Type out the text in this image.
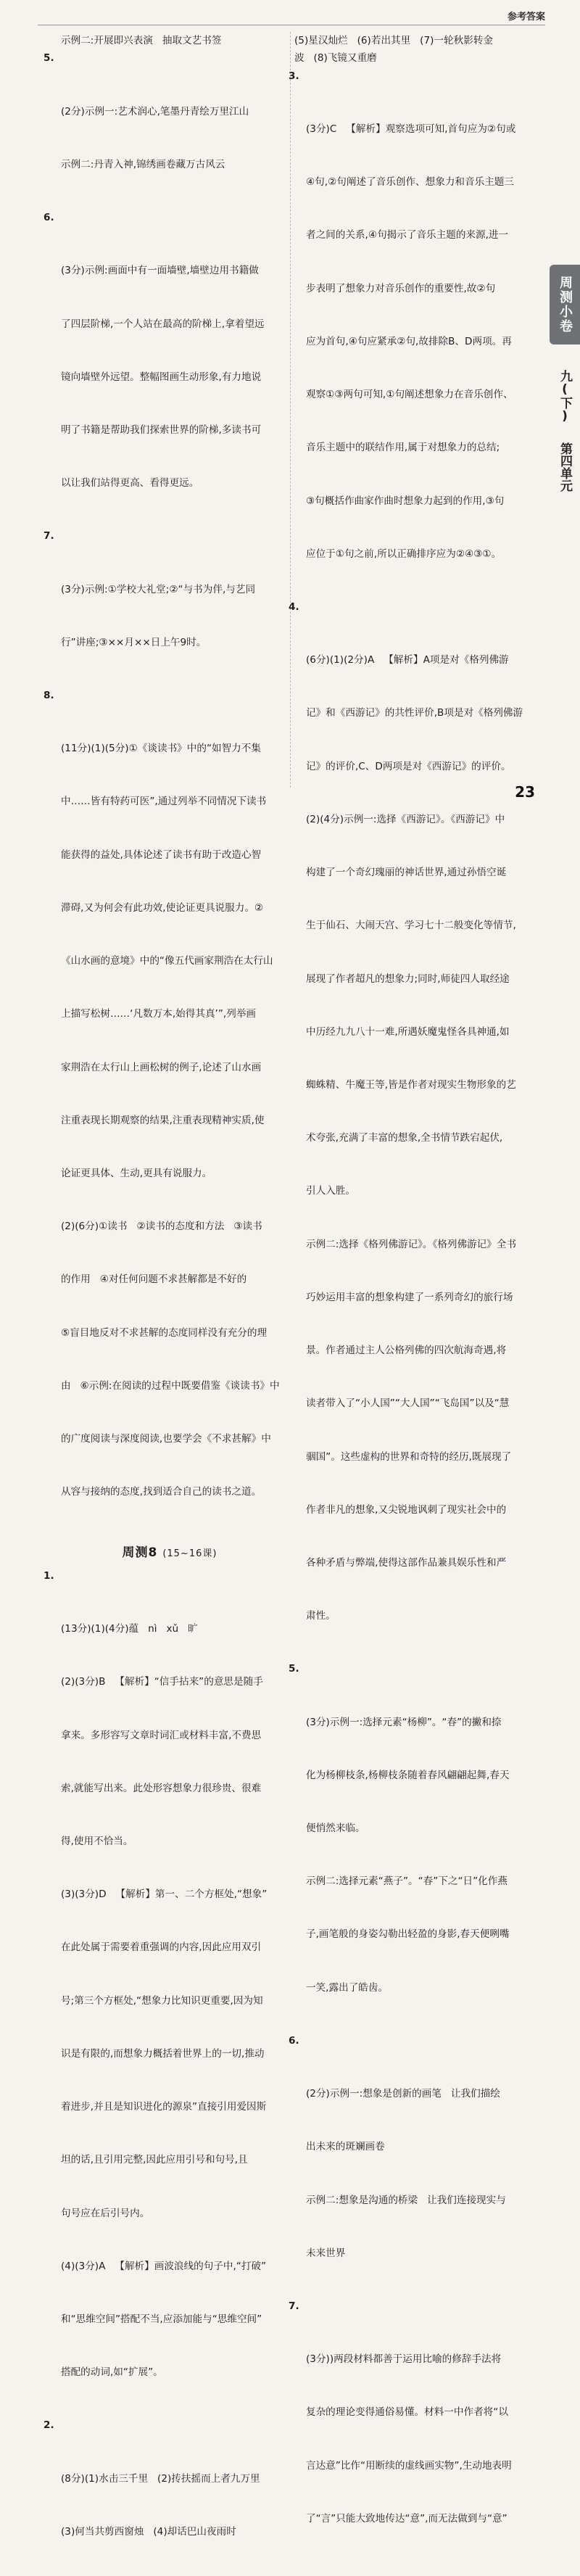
参考答案

示例二:开展即兴表演   抽取文艺书签

5.

(2分)示例一:艺术润心,笔墨丹青绘万里江山

示例二:丹青入神,锦绣画卷藏万古风云

6.

(3分)示例:画面中有一面墙壁,墙壁边用书籍做

了四层阶梯,一个人站在最高的阶梯上,拿着望远

镜向墙壁外远望。整幅图画生动形象,有力地说

明了书籍是帮助我们探索世界的阶梯,多读书可

以让我们站得更高、看得更远。

7.

(3分)示例:①学校大礼堂;②“与书为伴,与艺同

行”讲座;③××月××日上午9时。

8.

(11分)(1)(5分)①《谈读书》中的“如智力不集

中……皆有特药可医”,通过列举不同情况下读书

能获得的益处,具体论述了读书有助于改造心智

滞碍,又为何会有此功效,使论证更具说服力。②

《山水画的意境》中的“像五代画家荆浩在太行山

上描写松树……‘凡数万本,始得其真’”,列举画

家荆浩在太行山上画松树的例子,论述了山水画

注重表现长期观察的结果,注重表现精神实质,使

论证更具体、生动,更具有说服力。

(2)(6分)①读书   ②读书的态度和方法   ③读书

的作用   ④对任何问题不求甚解都是不好的

⑤盲目地反对不求甚解的态度同样没有充分的理

由   ⑥示例:在阅读的过程中既要借鉴《谈读书》中

的广度阅读与深度阅读,也要学会《不求甚解》中

从容与接纳的态度,找到适合自己的读书之道。

周测8 (15~16课)

1.

(13分)(1)(4分)蕴   nì   xǔ   旷

(2)(3分)B   【解析】“信手拈来”的意思是随手

拿来。多形容写文章时词汇或材料丰富,不费思

索,就能写出来。此处形容想象力很珍贵、很难

得,使用不恰当。

(3)(3分)D   【解析】第一、二个方框处,“想象”

在此处属于需要着重强调的内容,因此应用双引

号;第三个方框处,“想象力比知识更重要,因为知

识是有限的,而想象力概括着世界上的一切,推动

着进步,并且是知识进化的源泉”直接引用爱因斯

坦的话,且引用完整,因此应用引号和句号,且

句号应在后引号内。

(4)(3分)A   【解析】画波浪线的句子中,“打破”

和“思维空间”搭配不当,应添加能与“思维空间”

搭配的动词,如“扩展”。

2.

(8分)(1)水击三千里   (2)抟扶摇而上者九万里

(3)何当共剪西窗烛   (4)却话巴山夜雨时

(5)星汉灿烂   (6)若出其里   (7)一轮秋影转金

波   (8)飞镜又重磨

3.

(3分)C   【解析】观察选项可知,首句应为②句或

④句,②句阐述了音乐创作、想象力和音乐主题三

者之间的关系,④句揭示了音乐主题的来源,进一

步表明了想象力对音乐创作的重要性,故②句

应为首句,④句应紧承②句,故排除B、D两项。再

观察①③两句可知,①句阐述想象力在音乐创作、

音乐主题中的联结作用,属于对想象力的总结;

③句概括作曲家作曲时想象力起到的作用,③句

应位于①句之前,所以正确排序应为②④③①。

4.

(6分)(1)(2分)A   【解析】A项是对《格列佛游

记》和《西游记》的共性评价,B项是对《格列佛游

记》的评价,C、D两项是对《西游记》的评价。

(2)(4分)示例一:选择《西游记》。《西游记》中

构建了一个奇幻瑰丽的神话世界,通过孙悟空诞

生于仙石、大闹天宫、学习七十二般变化等情节,

展现了作者超凡的想象力;同时,师徒四人取经途

中历经九九八十一难,所遇妖魔鬼怪各具神通,如

蜘蛛精、牛魔王等,皆是作者对现实生物形象的艺

术夸张,充满了丰富的想象,全书情节跌宕起伏,

引人入胜。

示例二:选择《格列佛游记》。《格列佛游记》全书

巧妙运用丰富的想象构建了一系列奇幻的旅行场

景。作者通过主人公格列佛的四次航海奇遇,将

读者带入了“小人国”“大人国”“飞岛国”以及“慧

骃国”。这些虚构的世界和奇特的经历,既展现了

作者非凡的想象,又尖锐地讽刺了现实社会中的

各种矛盾与弊端,使得这部作品兼具娱乐性和严

肃性。

5.

(3分)示例一:选择元素“杨柳”。“春”的撇和捺

化为杨柳枝条,杨柳枝条随着春风翩翩起舞,春天

便悄然来临。

示例二:选择元素“燕子”。“春”下之“日”化作燕

子,画笔般的身姿勾勒出轻盈的身影,春天便咧嘴

一笑,露出了皓齿。

6.

(2分)示例一:想象是创新的画笔   让我们描绘

出未来的斑斓画卷

示例二:想象是沟通的桥梁   让我们连接现实与

未来世界

7.

(3分))两段材料都善于运用比喻的修辞手法将

复杂的理论变得通俗易懂。材料一中作者将“以

言达意”比作“用断续的虚线画实物”,生动地表明

了“言”只能大致地传达“意”,而无法做到与“意”

周测小卷
九(下)
第四单元
23
